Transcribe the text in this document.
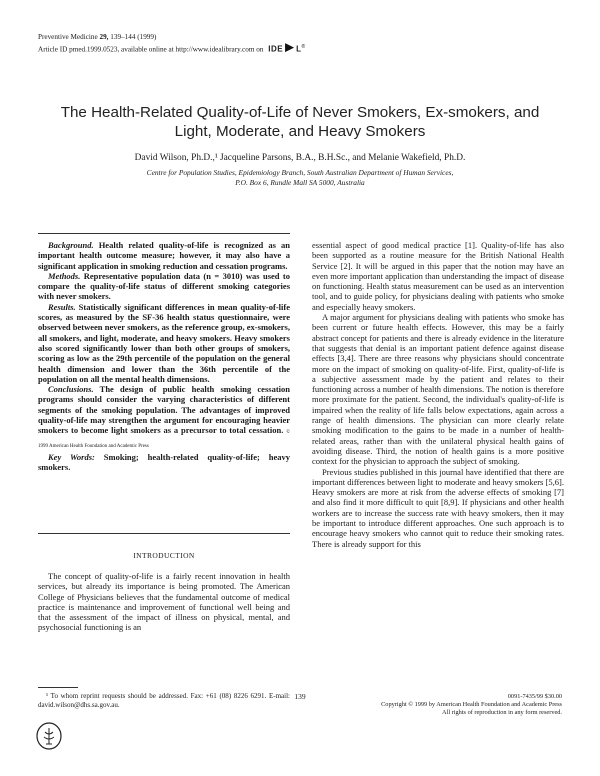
Preventive Medicine 29, 139–144 (1999)
Article ID pmed.1999.0523, available online at http://www.idealibrary.com on IDE L®
The Health-Related Quality-of-Life of Never Smokers, Ex-smokers, and
Light, Moderate, and Heavy Smokers
David Wilson, Ph.D.,¹ Jacqueline Parsons, B.A., B.H.Sc., and Melanie Wakefield, Ph.D.
Centre for Population Studies, Epidemiology Branch, South Australian Department of Human Services,
P.O. Box 6, Rundle Mall SA 5000, Australia

Background. Health related quality-of-life is recognized as an important health outcome measure; however, it may also have a significant application in smoking reduction and cessation programs.

Methods. Representative population data (n = 3010) was used to compare the quality-of-life status of different smoking categories with never smokers.

Results. Statistically significant differences in mean quality-of-life scores, as measured by the SF-36 health status questionnaire, were observed between never smokers, as the reference group, ex-smokers, all smokers, and light, moderate, and heavy smokers. Heavy smokers also scored significantly lower than both other groups of smokers, scoring as low as the 29th percentile of the population on the general health dimension and lower than the 36th percentile of the population on all the mental health dimensions.

Conclusions. The design of public health smoking cessation programs should consider the varying characteristics of different segments of the smoking population. The advantages of improved quality-of-life may strengthen the argument for encouraging heavier smokers to become light smokers as a precursor to total cessation. © 1999 American Health Foundation and Academic Press

Key Words: Smoking; health-related quality-of-life; heavy smokers.

INTRODUCTION

The concept of quality-of-life is a fairly recent innovation in health services, but already its importance is being promoted. The American College of Physicians believes that the fundamental outcome of medical practice is maintenance and improvement of functional well being and that the assessment of the impact of illness on physical, mental, and psychosocial functioning is an

¹ To whom reprint requests should be addressed. Fax: +61 (08) 8226 6291. E-mail: david.wilson@dhs.sa.gov.au.

essential aspect of good medical practice [1]. Quality-of-life has also been supported as a routine measure for the British National Health Service [2]. It will be argued in this paper that the notion may have an even more important application than understanding the impact of disease on functioning. Health status measurement can be used as an intervention tool, and to guide policy, for physicians dealing with patients who smoke and especially heavy smokers.

A major argument for physicians dealing with patients who smoke has been current or future health effects. However, this may be a fairly abstract concept for patients and there is already evidence in the literature that suggests that denial is an important patient defence against disease effects [3,4]. There are three reasons why physicians should concentrate more on the impact of smoking on quality-of-life. First, quality-of-life is a subjective assessment made by the patient and relates to their functioning across a number of health dimensions. The notion is therefore more proximate for the patient. Second, the individual's quality-of-life is impaired when the reality of life falls below expectations, again across a range of health dimensions. The physician can more clearly relate smoking modification to the gains to be made in a number of health-related areas, rather than with the unilateral physical health gains of avoiding disease. Third, the notion of health gains is a more positive context for the physician to approach the subject of smoking.

Previous studies published in this journal have identified that there are important differences between light to moderate and heavy smokers [5,6]. Heavy smokers are more at risk from the adverse effects of smoking [7] and also find it more difficult to quit [8,9]. If physicians and other health workers are to increase the success rate with heavy smokers, then it may be important to introduce different approaches. One such approach is to encourage heavy smokers who cannot quit to reduce their smoking rates. There is already support for this

139	0091-7435/99 $30.00
Copyright © 1999 by American Health Foundation and Academic Press
All rights of reproduction in any form reserved.
